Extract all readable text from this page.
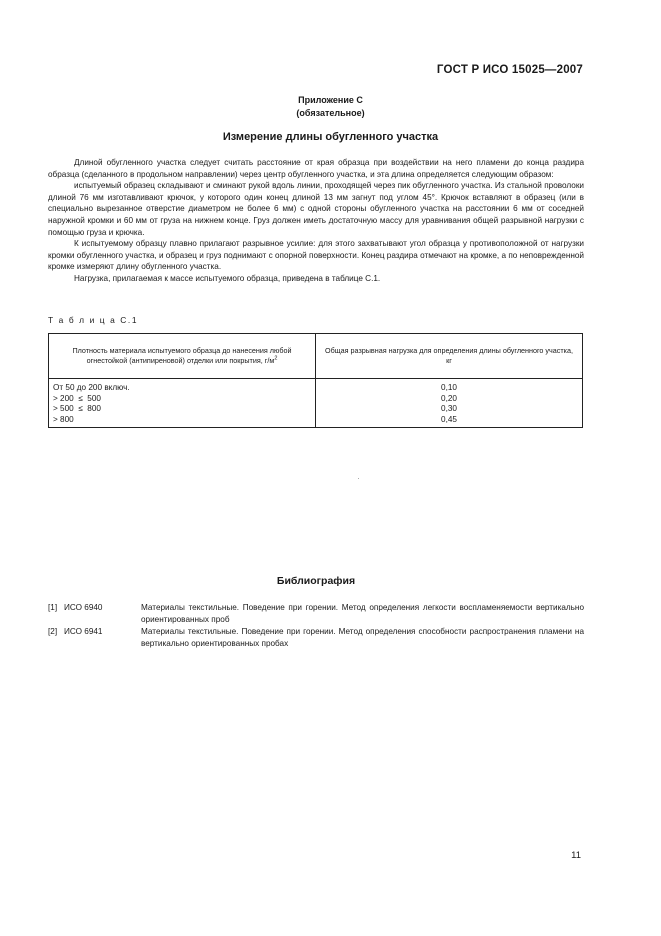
ГОСТ Р ИСО 15025—2007
Приложение С
(обязательное)
Измерение длины обугленного участка

Длиной обугленного участка следует считать расстояние от края образца при воздействии на него пламени до конца раздира образца (сделанного в продольном направлении) через центр обугленного участка, и эта длина определяется следующим образом:

испытуемый образец складывают и сминают рукой вдоль линии, проходящей через пик обугленного участка. Из стальной проволоки длиной 76 мм изготавливают крючок, у которого один конец длиной 13 мм загнут под углом 45°. Крючок вставляют в образец (или в специально вырезанное отверстие диаметром не более 6 мм) с одной стороны обугленного участка на расстоянии 6 мм от соседней наружной кромки и 60 мм от груза на нижнем конце. Груз должен иметь достаточную массу для уравнивания общей разрывной нагрузки с помощью груза и крючка.

К испытуемому образцу плавно прилагают разрывное усилие: для этого захватывают угол образца у противоположной от нагрузки кромки обугленного участка, и образец и груз поднимают с опорной поверхности. Конец раздира отмечают на кромке, а по неповрежденной кромке измеряют длину обугленного участка.

Нагрузка, прилагаемая к массе испытуемого образца, приведена в таблице С.1.

Т а б л и ц а С.1
Плотность материала испытуемого образца до нанесения любой огнестойкой (антипиреновой) отделки или покрытия, $г/м^2$	Общая разрывная нагрузка для определения длины обугленного участка, кг
От 50 до 200 включ.	0,10
> 200  ≤  500	0,20
> 500  ≤  800	0,30
> 800	0,45
Библиография
[1] ИСО 6940	Материалы текстильные. Поведение при горении. Метод определения легкости воспламеняемости вертикально ориентированных проб
[2] ИСО 6941	Материалы текстильные. Поведение при горении. Метод определения способности распространения пламени на вертикально ориентированных пробах
11
